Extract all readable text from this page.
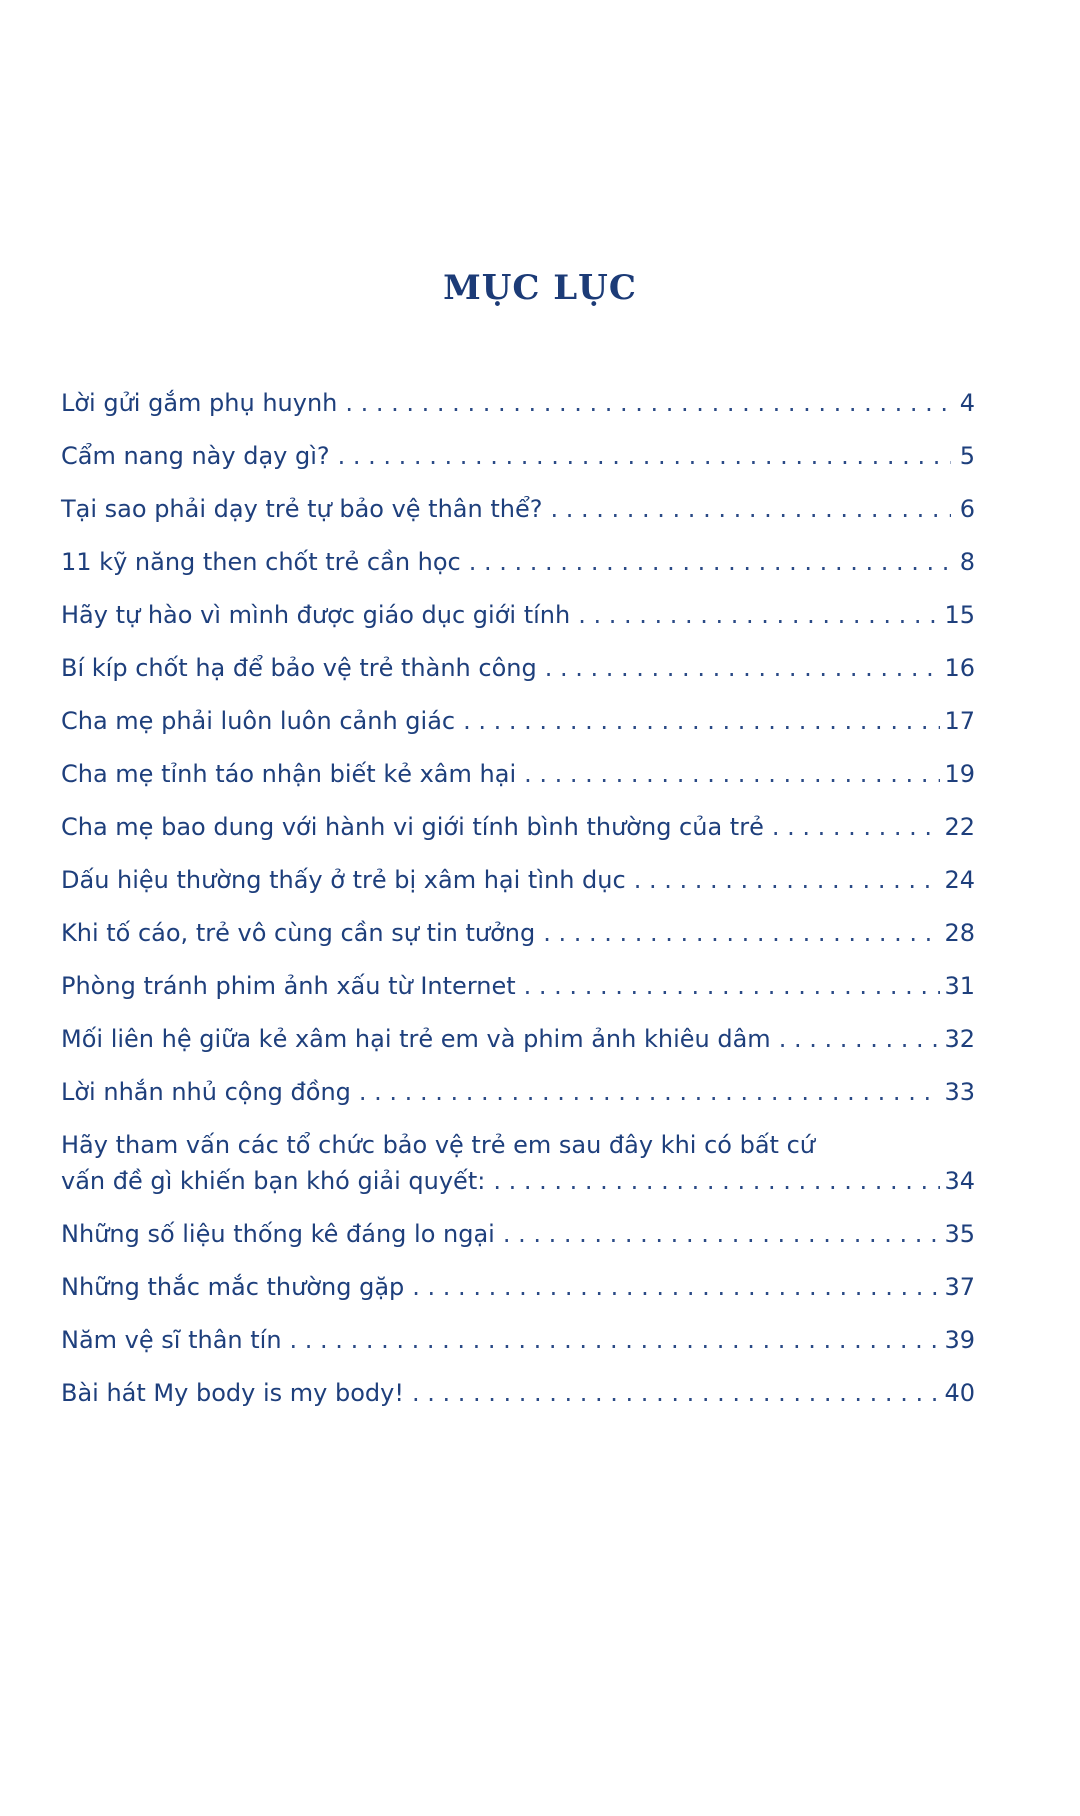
MỤC LỤC
Lời gửi gắm phụ huynh . . .	4
Cẩm nang này dạy gì? . . .	5
Tại sao phải dạy trẻ tự bảo vệ thân thể? . . .	6
11 kỹ năng then chốt trẻ cần học . . .	8
Hãy tự hào vì mình được giáo dục giới tính . . .	15
Bí kíp chốt hạ để bảo vệ trẻ thành công . . .	16
Cha mẹ phải luôn luôn cảnh giác . . .	17
Cha mẹ tỉnh táo nhận biết kẻ xâm hại . . .	19
Cha mẹ bao dung với hành vi giới tính bình thường của trẻ . . .	22
Dấu hiệu thường thấy ở trẻ bị xâm hại tình dục . . .	24
Khi tố cáo, trẻ vô cùng cần sự tin tưởng . . .	28
Phòng tránh phim ảnh xấu từ Internet . . .	31
Mối liên hệ giữa kẻ xâm hại trẻ em và phim ảnh khiêu dâm . . .	32
Lời nhắn nhủ cộng đồng . . .	33
Hãy tham vấn các tổ chức bảo vệ trẻ em sau đây khi có bất cứ
vấn đề gì khiến bạn khó giải quyết: . . .	34
Những số liệu thống kê đáng lo ngại . . .	35
Những thắc mắc thường gặp . . .	37
Năm vệ sĩ thân tín . . .	39
Bài hát My body is my body! . . .	40
